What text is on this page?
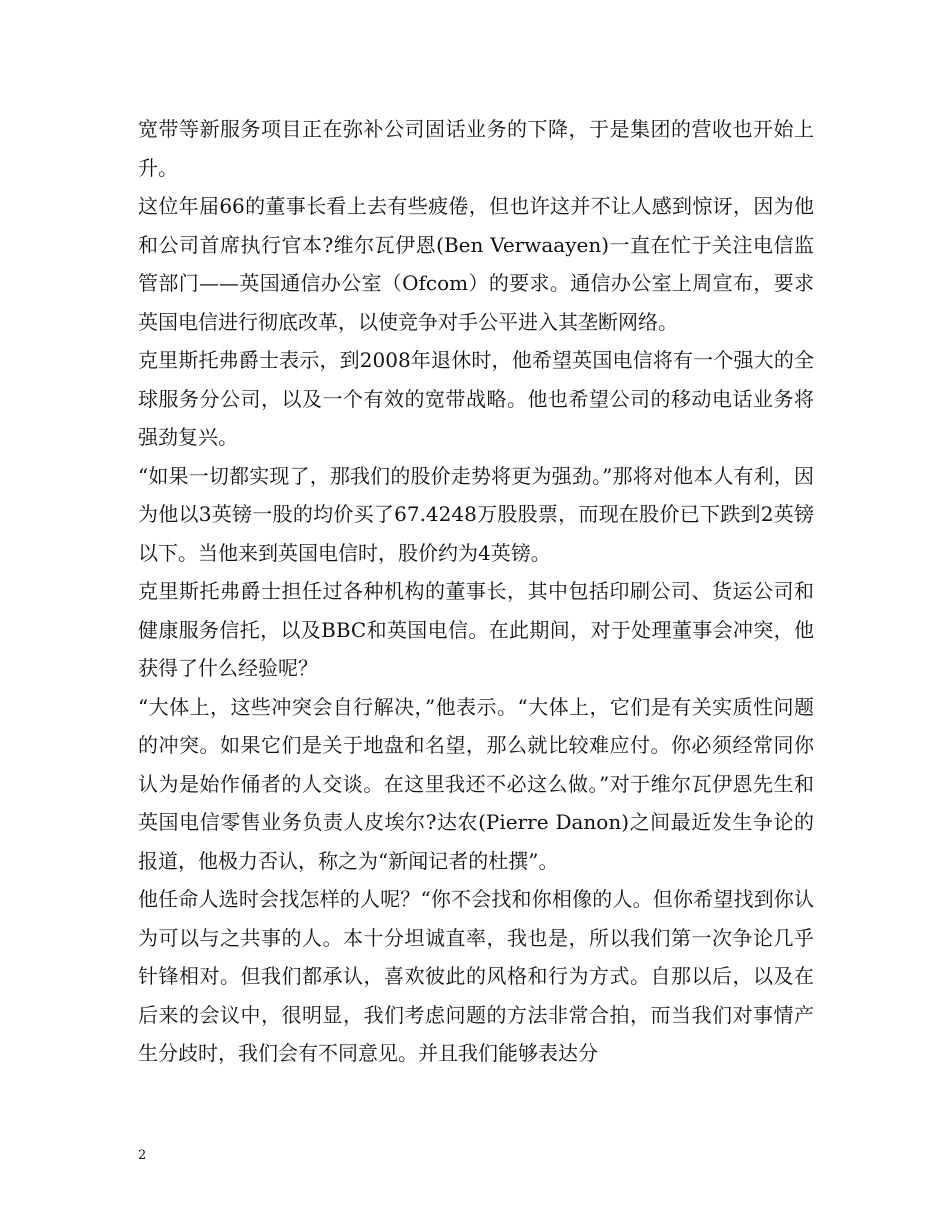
宽带等新服务项目正在弥补公司固话业务的下降，于是集团的营收也开始上升。

这位年届66的董事长看上去有些疲倦，但也许这并不让人感到惊讶，因为他和公司首席执行官本?维尔瓦伊恩(Ben Verwaayen)一直在忙于关注电信监管部门——英国通信办公室（Ofcom）的要求。通信办公室上周宣布，要求英国电信进行彻底改革，以使竞争对手公平进入其垄断网络。

克里斯托弗爵士表示，到2008年退休时，他希望英国电信将有一个强大的全球服务分公司，以及一个有效的宽带战略。他也希望公司的移动电话业务将强劲复兴。

“如果一切都实现了，那我们的股价走势将更为强劲。”那将对他本人有利，因为他以3英镑一股的均价买了67.4248万股股票，而现在股价已下跌到2英镑以下。当他来到英国电信时，股价约为4英镑。

克里斯托弗爵士担任过各种机构的董事长，其中包括印刷公司、货运公司和健康服务信托，以及BBC和英国电信。在此期间，对于处理董事会冲突，他获得了什么经验呢？

“大体上，这些冲突会自行解决，”他表示。“大体上，它们是有关实质性问题的冲突。如果它们是关于地盘和名望，那么就比较难应付。你必须经常同你认为是始作俑者的人交谈。在这里我还不必这么做。”对于维尔瓦伊恩先生和英国电信零售业务负责人皮埃尔?达农(Pierre Danon)之间最近发生争论的报道，他极力否认，称之为“新闻记者的杜撰”。

他任命人选时会找怎样的人呢？“你不会找和你相像的人。但你希望找到你认为可以与之共事的人。本十分坦诚直率，我也是，所以我们第一次争论几乎针锋相对。但我们都承认，喜欢彼此的风格和行为方式。自那以后，以及在后来的会议中，很明显，我们考虑问题的方法非常合拍，而当我们对事情产生分歧时，我们会有不同意见。并且我们能够表达分

2
